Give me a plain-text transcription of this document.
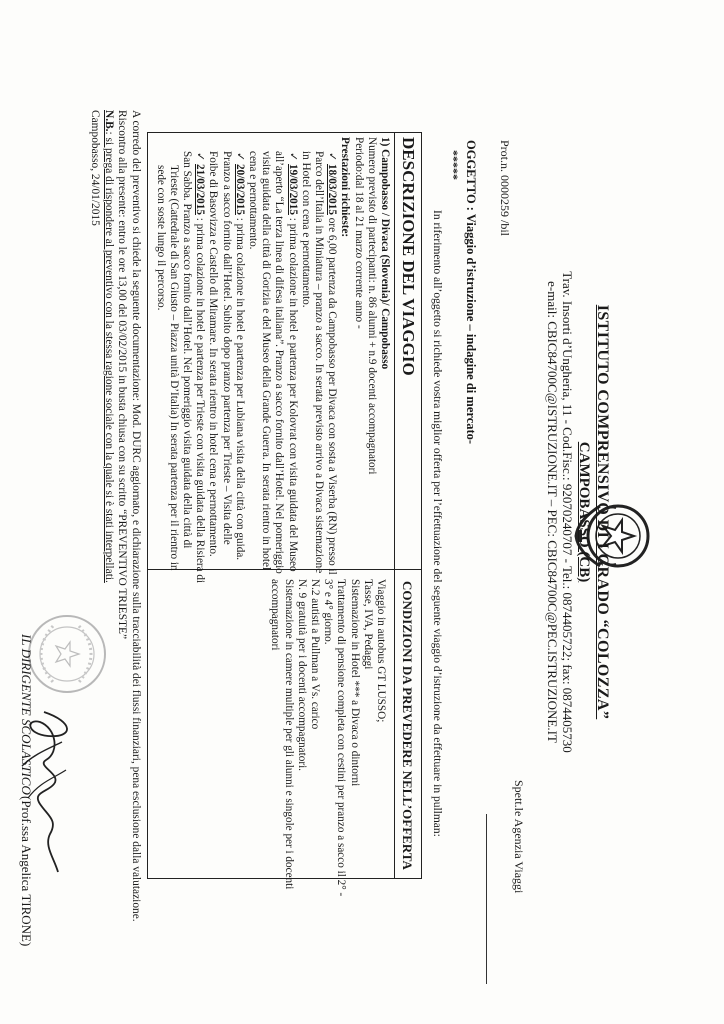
ISTITUTO COMPRENSIVO DI I GRADO “COLOZZA”
CAMPOBASSO (CB)
Trav. Insorti d’Ungheria, 11 - Cod.Fisc.: 92070240707 - Tel.: 0874405722; fax: 0874405730
e-mail: CBIC84700C@ISTRUZIONE.IT – PEC: CBIC84700C@PEC.ISTRUZIONE.IT
Spett.le Agenzia Viaggi
Prot.n. 0000259 /bil
OGGETTO : Viaggio d’istruzione – indagine di mercato-
*****
In riferimento all’oggetto si richiede vostra miglior offerta per l’effettuazione del seguente viaggio d’istruzione da effettuare in pullman:
DESCRIZIONE DEL VIAGGIO
CONDIZIONI DA PREVEDERE NELL’OFFERTA
1) Campobasso / Divaca (Slovenia)/ Campobasso
Numero previsto di partecipanti: n. 86 alunni + n.9 docenti accompagnatori
Periodo:dal 18 al 21 marzo corrente anno -
Prestazioni richieste:
✓18/03/2015 ore 6,00 partenza da Campobasso per Divaca con sosta a Viserba (RN) presso il
Parco dell’Italia in Miniatura – pranzo a sacco. In serata previsto arrivo a Divaca sistemazione
in Hotel con cena e pernottamento.
✓19/03/2015 : prima colazione in hotel e partenza per Kolovrat con visita guidata del Museo
all’aperto “La terza linea di difesa italiana”. Pranzo a sacco fornito dall’Hotel. Nel pomeriggio
visita guidata della città di Gorizia e del Museo della Grande Guerra. In serata rientro in hotel
cena e pernottamento.
✓20/03/2015 : prima colazione in hotel e partenza per Lubiana visita della città con guida.
Pranzo a sacco fornito dall’Hotel. Subito dopo pranzo partenza per Trieste – Visita delle
Foibe di Basovizza e Castello di Miramare. In serata rientro in hotel cena e pernottamento.
✓21/03/2015 : prima colazione in hotel e partenza per Trieste con visita guidata della Risiera di
San Sabba. Pranzo a sacco fornito dall’Hotel. Nel pomeriggio visita guidata della città di
Trieste (Cattedrale di San Giusto – Piazza unità D’Italia) In serata partenza per il rientro in
sede con soste lungo il percorso.
Viaggio in autobus GT LUSSO;
Tasse, IVA, Pedaggi
Sistemazione in Hotel *** a Divaca o dintorni
Trattamento di pensione completa con cestini per pranzo a sacco il 2° -
3° e 4° giorno.
N.2 autisti a Pullman a Vs. carico
N. 9 gratuità per i docenti accompagnatori.
Sistemazione in camere multiple per gli alunni e singole per i docenti
accompagnatori
A corredo del preventivo si chiede la seguente documentazione: Mod. DURC aggiornato, e dichiarazione sulla tracciabilità dei flussi finanziari, pena esclusione dalla valutazione.
Riscontro alla presente: entro le ore 13,00 del 03/02/2015 in busta chiusa con su scritto “PREVENTIVO TRIESTE”
N.B.: si prega di rispondere al preventivo con la stessa ragione sociale con la quale si è stati interpellati.
Campobasso, 24/01/2015
IL DIRIGENTE SCOLASTICO
(Prof.ssa Angelica TIRONE)
